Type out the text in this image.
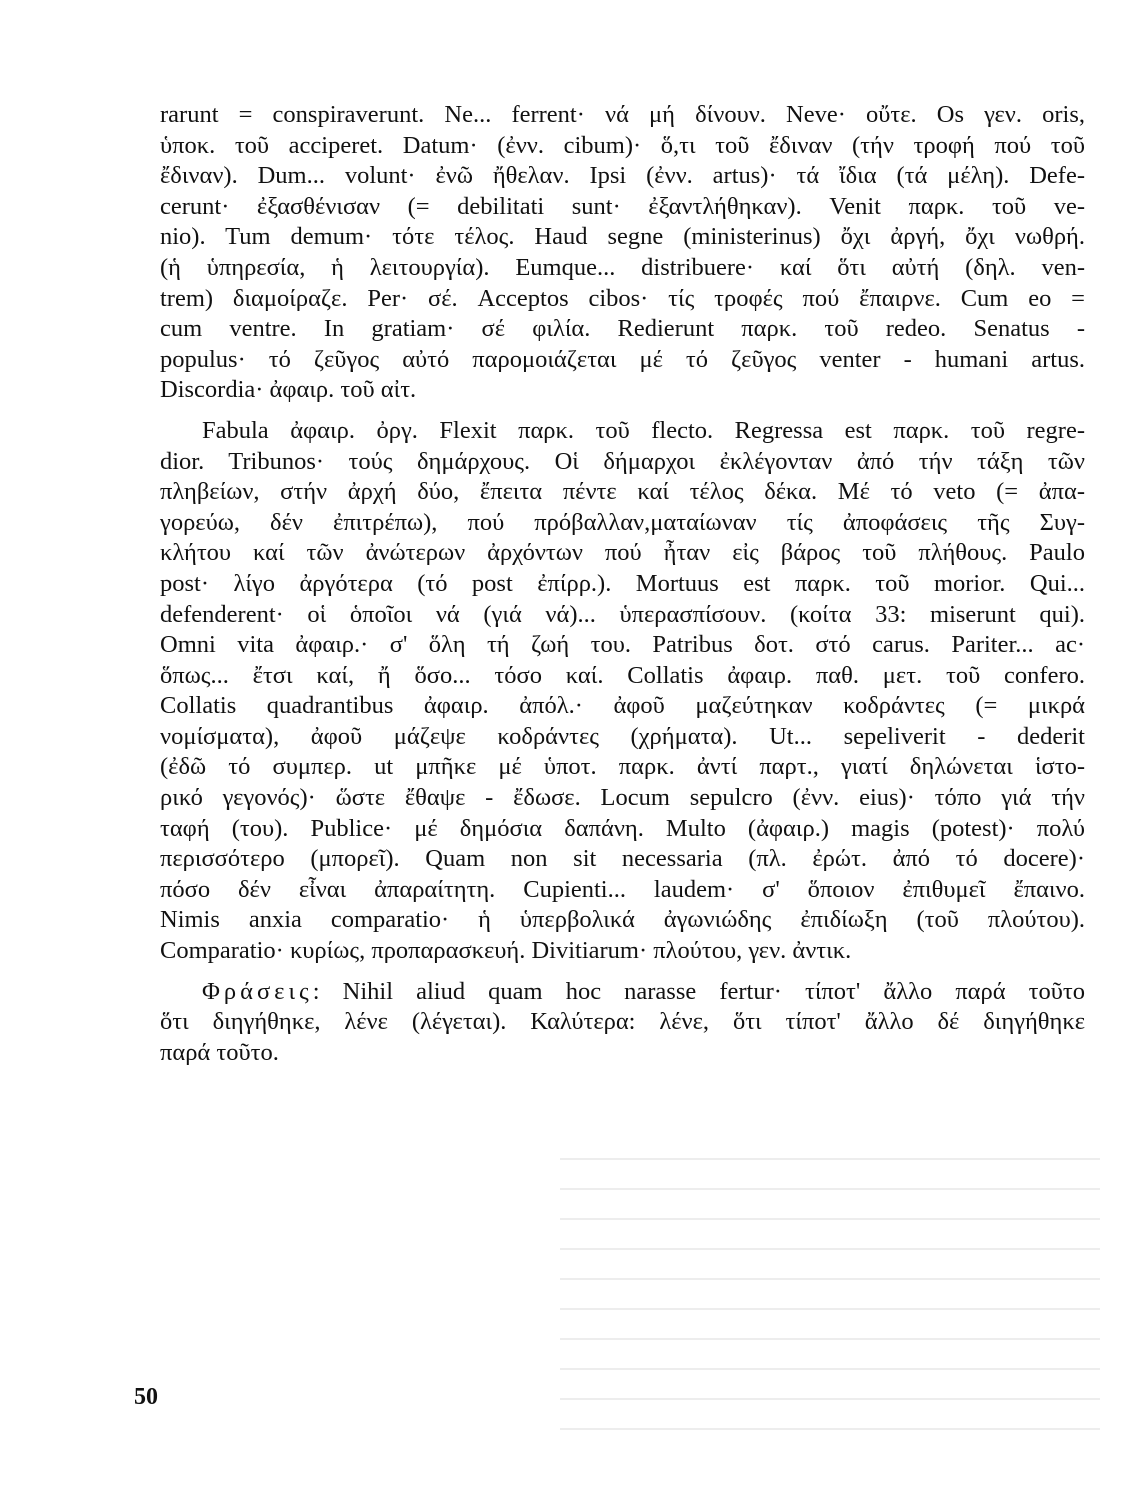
rarunt = conspiraverunt. Ne... ferrent· νά μή δίνουν. Neve· οὔτε. Os γεν. oris,
ὑποκ. τοῦ acciperet. Datum· (ἐνν. cibum)· ὅ,τι τοῦ ἔδιναν (τήν τροφή πού τοῦ
ἔδιναν). Dum... volunt· ἐνῶ ἤθελαν. Ipsi (ἐνν. artus)· τά ἴδια (τά μέλη). Defe-
cerunt· ἐξασθένισαν (= debilitati sunt· ἐξαντλήθηκαν). Venit παρκ. τοῦ ve-
nio). Tum demum· τότε τέλος. Haud segne (ministerinus) ὄχι ἀργή, ὄχι νωθρή.
(ἡ ὑπηρεσία, ἡ λειτουργία). Eumque... distribuere· καί ὅτι αὐτή (δηλ. ven-
trem) διαμοίραζε. Per· σέ. Acceptos cibos· τίς τροφές πού ἔπαιρνε. Cum eo =
cum ventre. In gratiam· σέ φιλία. Redierunt παρκ. τοῦ redeo. Senatus -
populus· τό ζεῦγος αὐτό παρομοιάζεται μέ τό ζεῦγος venter - humani artus.
Discordia· ἀφαιρ. τοῦ αἰτ.
Fabula ἀφαιρ. ὀργ. Flexit παρκ. τοῦ flecto. Regressa est παρκ. τοῦ regre-
dior. Tribunos· τούς δημάρχους. Οἱ δήμαρχοι ἐκλέγονταν ἀπό τήν τάξη τῶν
πληβείων, στήν ἀρχή δύο, ἔπειτα πέντε καί τέλος δέκα. Μέ τό veto (= ἀπα-
γορεύω, δέν ἐπιτρέπω), πού πρόβαλλαν,ματαίωναν τίς ἀποφάσεις τῆς Συγ-
κλήτου καί τῶν ἀνώτερων ἀρχόντων πού ἦταν εἰς βάρος τοῦ πλήθους. Paulo
post· λίγο ἀργότερα (τό post ἐπίρρ.). Mortuus est παρκ. τοῦ morior. Qui...
defenderent· οἱ ὁποῖοι νά (γιά νά)... ὑπερασπίσουν. (κοίτα 33: miserunt qui).
Omni vita ἀφαιρ.· σ' ὅλη τή ζωή του. Patribus δοτ. στό carus. Pariter... ac·
ὅπως... ἔτσι καί, ἤ ὅσο... τόσο καί. Collatis ἀφαιρ. παθ. μετ. τοῦ confero.
Collatis quadrantibus ἀφαιρ. ἀπόλ.· ἀφοῦ μαζεύτηκαν κοδράντες (= μικρά
νομίσματα), ἀφοῦ μάζεψε κοδράντες (χρήματα). Ut... sepeliverit - dederit
(ἐδῶ τό συμπερ. ut μπῆκε μέ ὑποτ. παρκ. ἀντί παρτ., γιατί δηλώνεται ἱστο-
ρικό γεγονός)· ὥστε ἔθαψε - ἔδωσε. Locum sepulcro (ἐνν. eius)· τόπο γιά τήν
ταφή (του). Publice· μέ δημόσια δαπάνη. Multo (ἀφαιρ.) magis (potest)· πολύ
περισσότερο (μπορεῖ). Quam non sit necessaria (πλ. ἐρώτ. ἀπό τό docere)·
πόσο δέν εἶναι ἀπαραίτητη. Cupienti... laudem· σ' ὅποιον ἐπιθυμεῖ ἔπαινο.
Nimis anxia comparatio· ἡ ὑπερβολικά ἀγωνιώδης ἐπιδίωξη (τοῦ πλούτου).
Comparatio· κυρίως, προπαρασκευή. Divitiarum· πλούτου, γεν. ἀντικ.
Φράσεις: Nihil aliud quam hoc narasse fertur· τίποτ' ἄλλο παρά τοῦτο
ὅτι διηγήθηκε, λένε (λέγεται). Καλύτερα: λένε, ὅτι τίποτ' ἄλλο δέ διηγήθηκε
παρά τοῦτο.
50
